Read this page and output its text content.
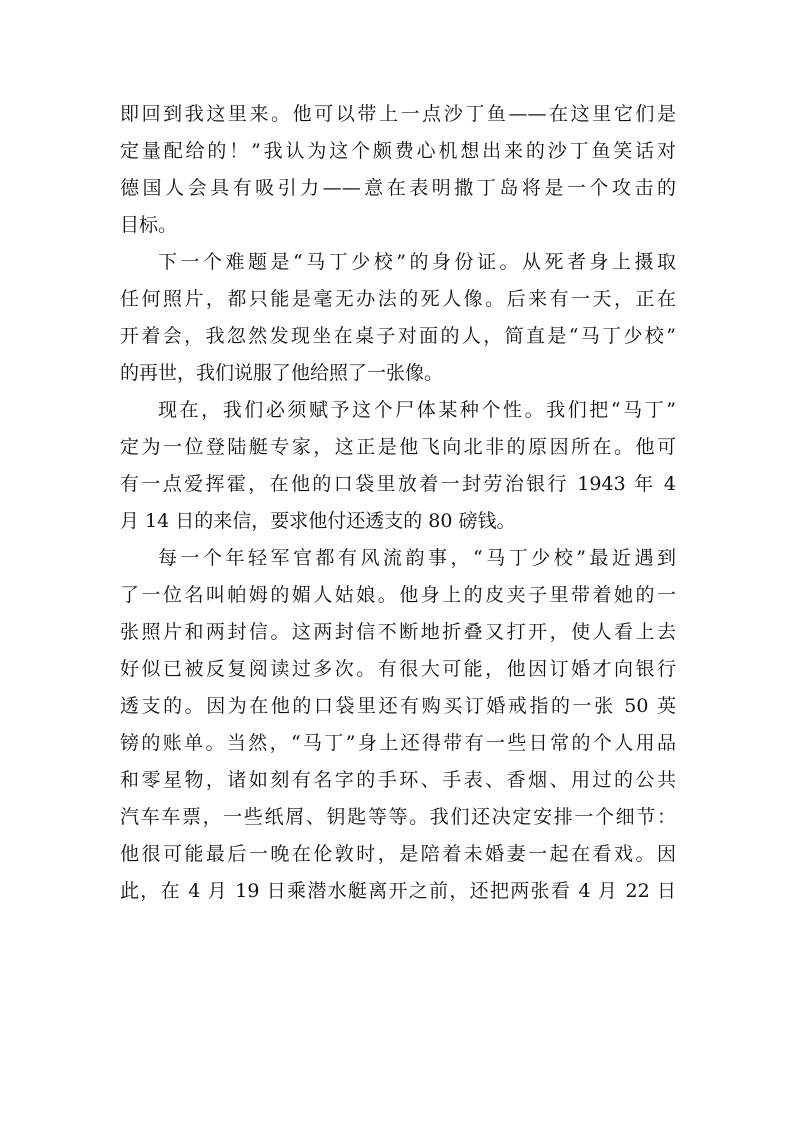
即回到我这里来。他可以带上一点沙丁鱼——在这里它们是
定量配给的！”我认为这个颇费心机想出来的沙丁鱼笑话对
德国人会具有吸引力——意在表明撒丁岛将是一个攻击的
目标。
下一个难题是“马丁少校”的身份证。从死者身上摄取
任何照片，都只能是毫无办法的死人像。后来有一天，正在
开着会，我忽然发现坐在桌子对面的人，简直是“马丁少校”
的再世，我们说服了他给照了一张像。
现在，我们必须赋予这个尸体某种个性。我们把“马丁”
定为一位登陆艇专家，这正是他飞向北非的原因所在。他可
有一点爱挥霍，在他的口袋里放着一封劳治银行 1943 年 4
月 14 日的来信，要求他付还透支的 80 磅钱。
每一个年轻军官都有风流韵事，“马丁少校”最近遇到
了一位名叫帕姆的媚人姑娘。他身上的皮夹子里带着她的一
张照片和两封信。这两封信不断地折叠又打开，使人看上去
好似已被反复阅读过多次。有很大可能，他因订婚才向银行
透支的。因为在他的口袋里还有购买订婚戒指的一张 50 英
镑的账单。当然，“马丁”身上还得带有一些日常的个人用品
和零星物，诸如刻有名字的手环、手表、香烟、用过的公共
汽车车票，一些纸屑、钥匙等等。我们还决定安排一个细节：
他很可能最后一晚在伦敦时，是陪着未婚妻一起在看戏。因
此，在 4 月 19 日乘潜水艇离开之前，还把两张看 4 月 22 日
